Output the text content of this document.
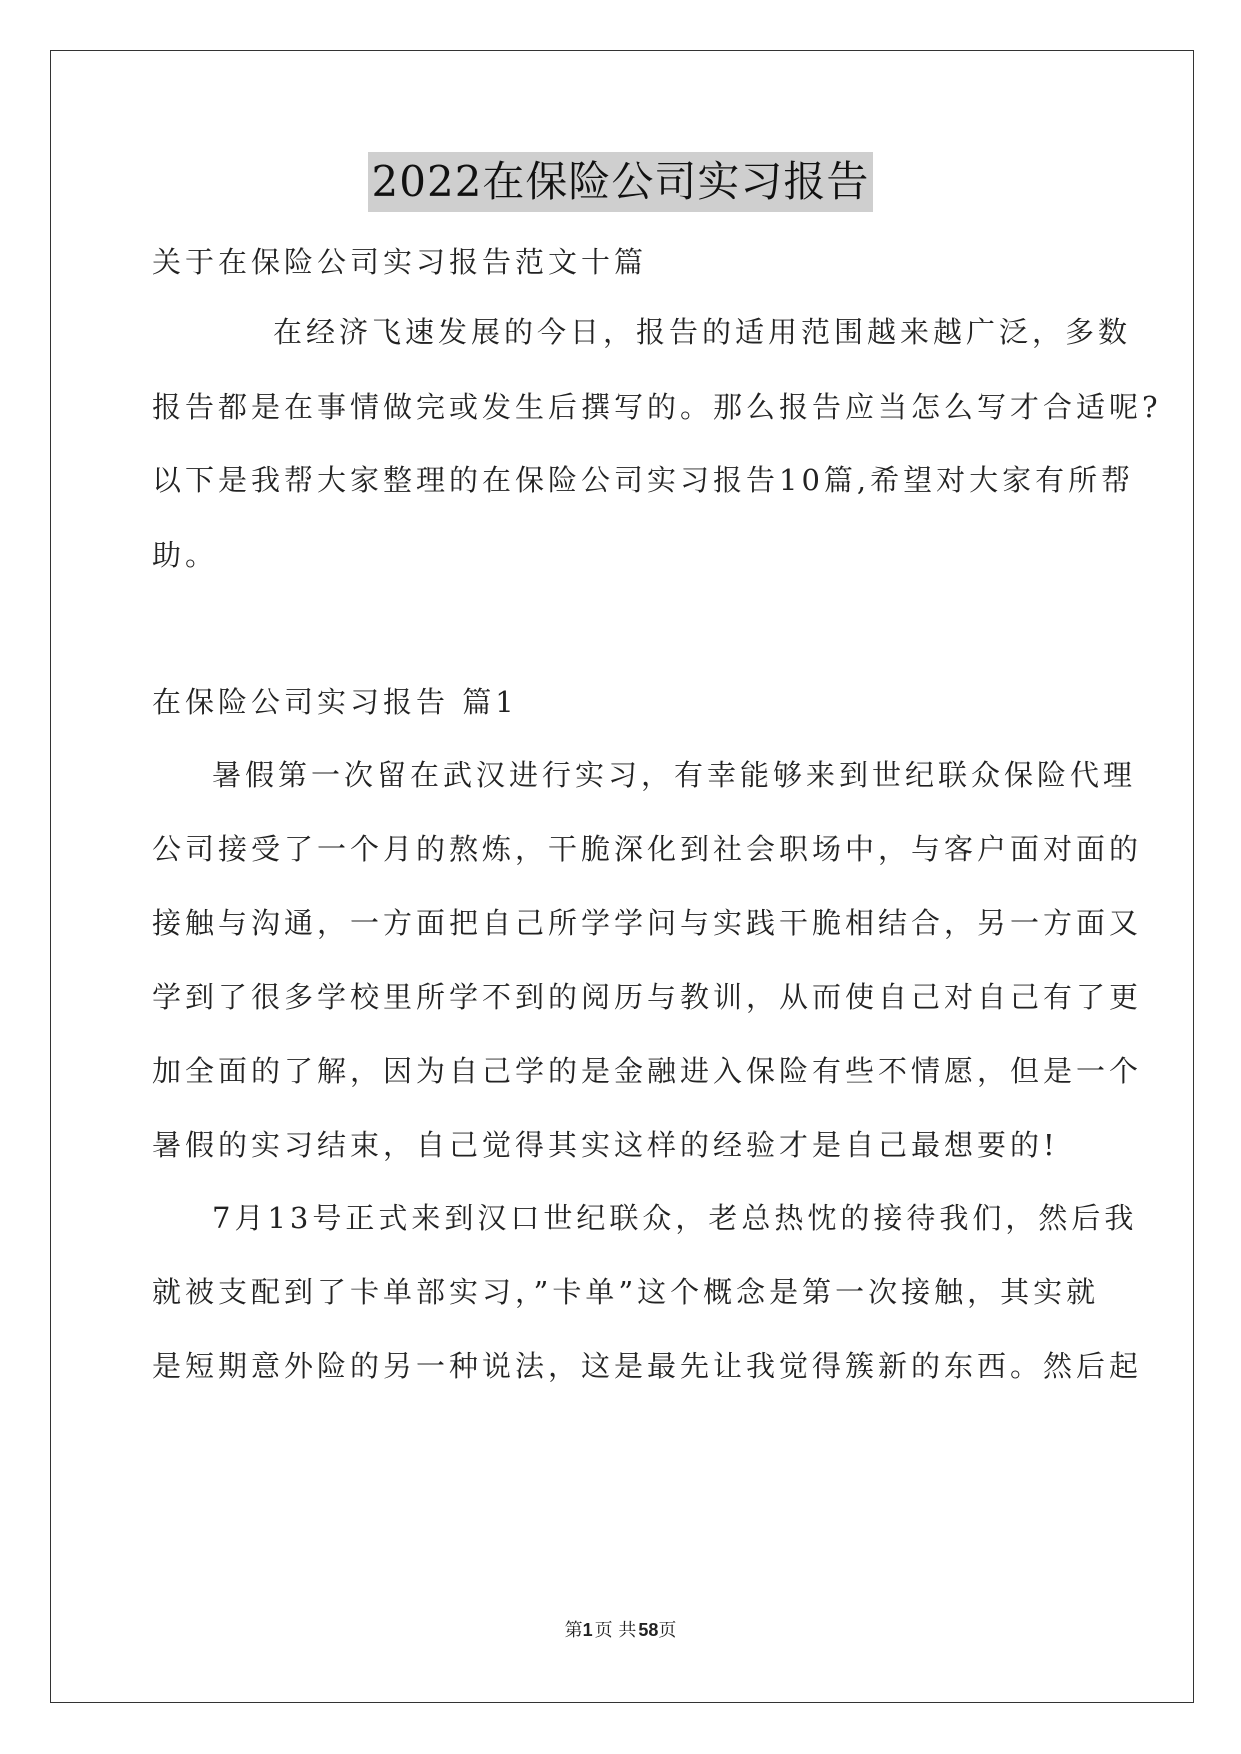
2022在保险公司实习报告
关于在保险公司实习报告范文十篇
在经济飞速发展的今日，报告的适用范围越来越广泛，多数
报告都是在事情做完或发生后撰写的。那么报告应当怎么写才合适呢?
以下是我帮大家整理的在保险公司实习报告10篇,希望对大家有所帮
助。
在保险公司实习报告 篇1
暑假第一次留在武汉进行实习，有幸能够来到世纪联众保险代理
公司接受了一个月的熬炼，干脆深化到社会职场中，与客户面对面的
接触与沟通，一方面把自己所学学问与实践干脆相结合，另一方面又
学到了很多学校里所学不到的阅历与教训，从而使自己对自己有了更
加全面的了解，因为自己学的是金融进入保险有些不情愿，但是一个
暑假的实习结束，自己觉得其实这样的经验才是自己最想要的!
7月13号正式来到汉口世纪联众，老总热忱的接待我们，然后我
就被支配到了卡单部实习，”卡单”这个概念是第一次接触，其实就
是短期意外险的另一种说法，这是最先让我觉得簇新的东西。然后起
第1 页 共 58页
